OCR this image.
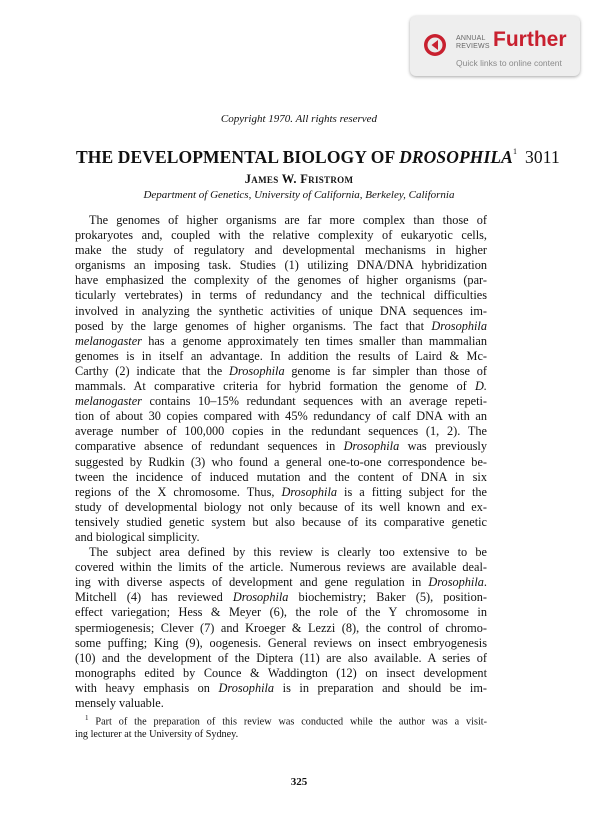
ANNUAL
REVIEWS Further
Quick links to online content
Copyright 1970. All rights reserved
THE DEVELOPMENTAL BIOLOGY OF DROSOPHILA$^1$ 3011
James W. Fristrom
Department of Genetics, University of California, Berkeley, California
The genomes of higher organisms are far more complex than those of
prokaryotes and, coupled with the relative complexity of eukaryotic cells,
make the study of regulatory and developmental mechanisms in higher
organisms an imposing task. Studies (1) utilizing DNA/DNA hybridization
have emphasized the complexity of the genomes of higher organisms (par-
ticularly vertebrates) in terms of redundancy and the technical difficulties
involved in analyzing the synthetic activities of unique DNA sequences im-
posed by the large genomes of higher organisms. The fact that Drosophila
melanogaster has a genome approximately ten times smaller than mammalian
genomes is in itself an advantage. In addition the results of Laird & Mc-
Carthy (2) indicate that the Drosophila genome is far simpler than those of
mammals. At comparative criteria for hybrid formation the genome of D.
melanogaster contains 10–15% redundant sequences with an average repeti-
tion of about 30 copies compared with 45% redundancy of calf DNA with an
average number of 100,000 copies in the redundant sequences (1, 2). The
comparative absence of redundant sequences in Drosophila was previously
suggested by Rudkin (3) who found a general one-to-one correspondence be-
tween the incidence of induced mutation and the content of DNA in six
regions of the X chromosome. Thus, Drosophila is a fitting subject for the
study of developmental biology not only because of its well known and ex-
tensively studied genetic system but also because of its comparative genetic
and biological simplicity.
The subject area defined by this review is clearly too extensive to be
covered within the limits of the article. Numerous reviews are available deal-
ing with diverse aspects of development and gene regulation in Drosophila.
Mitchell (4) has reviewed Drosophila biochemistry; Baker (5), position-
effect variegation; Hess & Meyer (6), the role of the Y chromosome in
spermiogenesis; Clever (7) and Kroeger & Lezzi (8), the control of chromo-
some puffing; King (9), oogenesis. General reviews on insect embryogenesis
(10) and the development of the Diptera (11) are also available. A series of
monographs edited by Counce & Waddington (12) on insect development
with heavy emphasis on Drosophila is in preparation and should be im-
mensely valuable.
$^1$ Part of the preparation of this review was conducted while the author was a visit-
ing lecturer at the University of Sydney.
325
